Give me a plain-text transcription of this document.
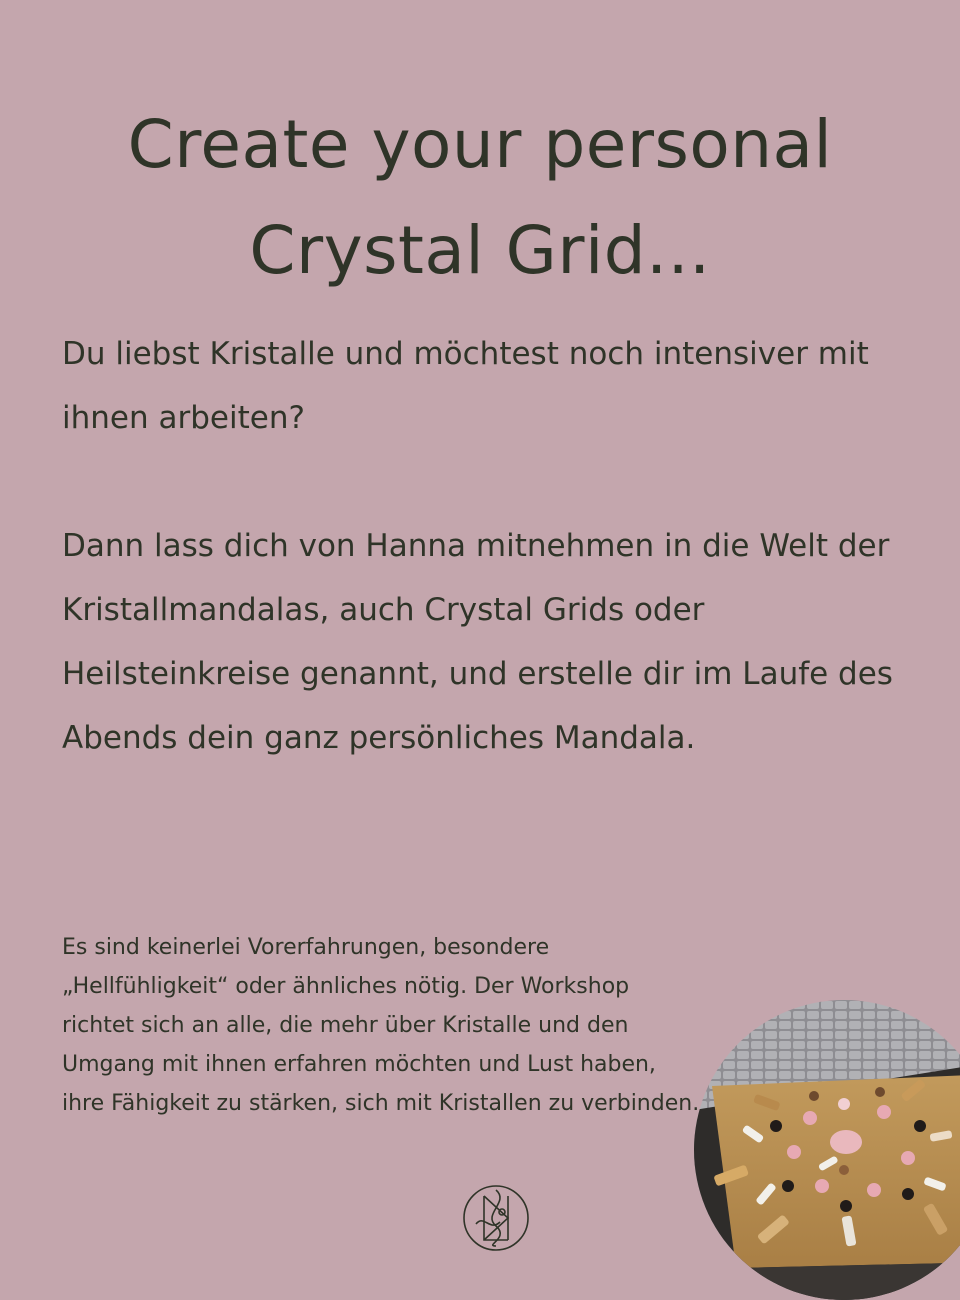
Create your personal
Crystal Grid...

Du liebst Kristalle und möchtest noch intensiver mit ihnen arbeiten?

Dann lass dich von Hanna mitnehmen in die Welt der Kristallmandalas, auch Crystal Grids oder Heilsteinkreise genannt, und erstelle dir im Laufe des Abends dein ganz persönliches Mandala.

Es sind keinerlei Vorerfahrungen, besondere „Hellfühligkeit“ oder ähnliches nötig. Der Workshop richtet sich an alle, die mehr über Kristalle und den Umgang mit ihnen erfahren möchten und Lust haben, ihre Fähigkeit zu stärken, sich mit Kristallen zu verbinden.
